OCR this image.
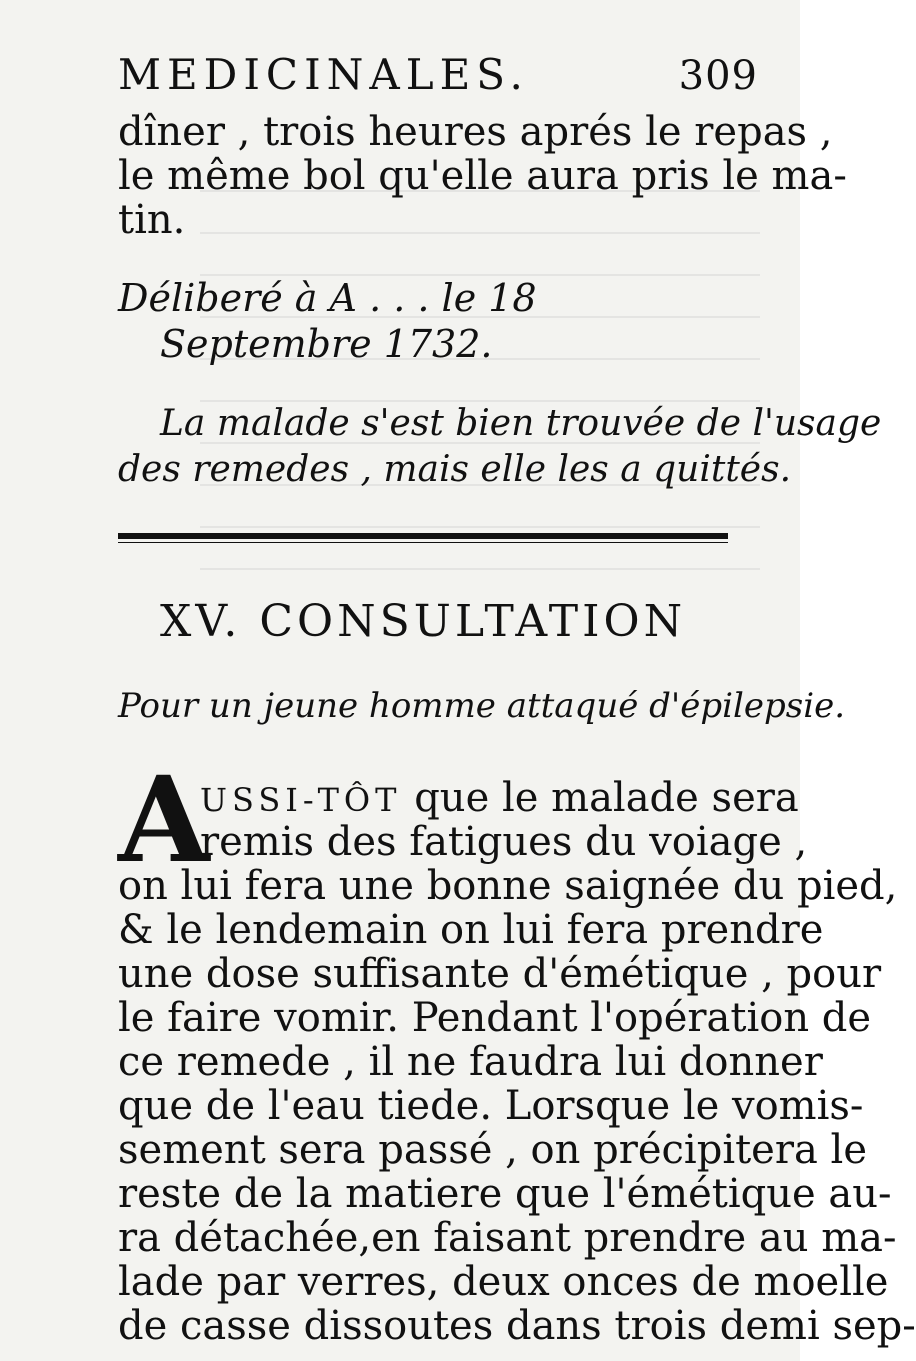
MEDICINALES.	309
dîner , trois heures aprés le repas ,
le même bol qu'elle aura pris le ma-
tin.
Déliberé à A . . . le 18
Septembre 1732.
La malade s'est bien trouvée de l'usage
des remedes , mais elle les a quittés.
XV. CONSULTATION
Pour un jeune homme attaqué d'épilepsie.
A
USSI-TÔT que le malade sera
remis des fatigues du voiage ,
on lui fera une bonne saignée du pied,
& le lendemain on lui fera prendre
une dose suffisante d'émétique , pour
le faire vomir. Pendant l'opération de
ce remede , il ne faudra lui donner
que de l'eau tiede. Lorsque le vomis-
sement sera passé , on précipitera le
reste de la matiere que l'émétique au-
ra détachée,en faisant prendre au ma-
lade par verres, deux onces de moelle
de casse dissoutes dans trois demi sep-
